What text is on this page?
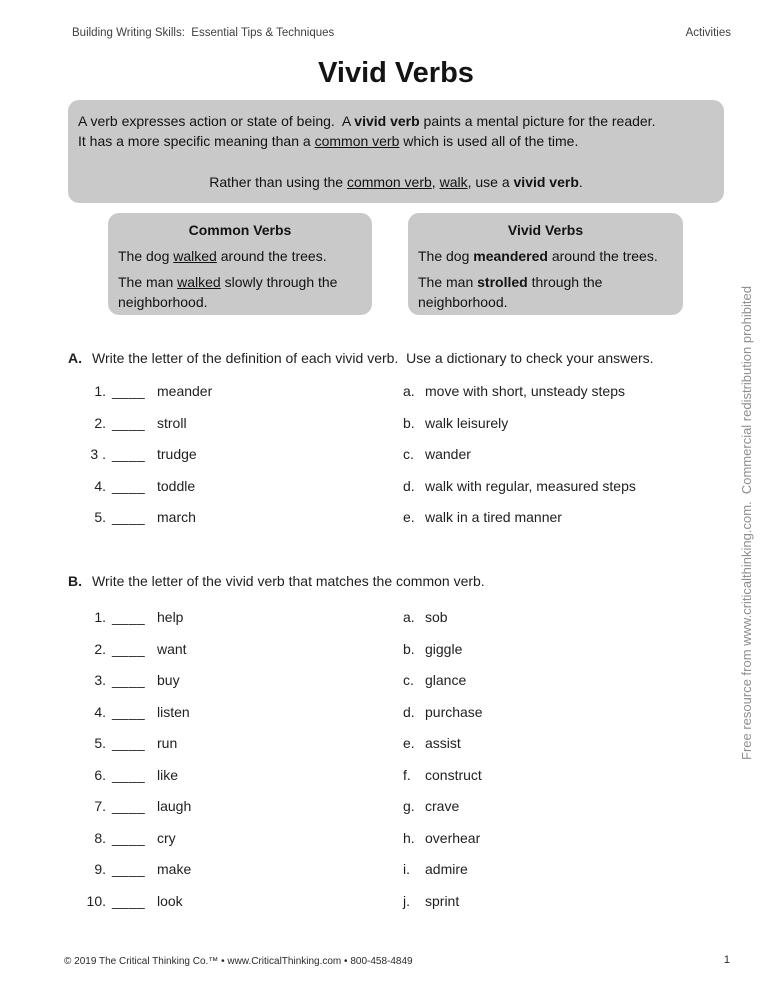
Building Writing Skills:  Essential Tips & Techniques	Activities
Vivid Verbs

A verb expresses action or state of being.  A vivid verb paints a mental picture for the reader.
It has a more specific meaning than a common verb which is used all of the time.

Rather than using the common verb, walk, use a vivid verb.

Common Verbs

The dog walked around the trees.

The man walked slowly through the neighborhood.

Vivid Verbs

The dog meandered around the trees.

The man strolled through the neighborhood.

A. Write the letter of the definition of each vivid verb.  Use a dictionary to check your answers.
1. ____ meander	a. move with short, unsteady steps
2. ____ stroll	b. walk leisurely
3 . ____ trudge	c. wander
4. ____ toddle	d. walk with regular, measured steps
5. ____ march	e. walk in a tired manner
B. Write the letter of the vivid verb that matches the common verb.
1. ____ help	a. sob
2. ____ want	b. giggle
3. ____ buy	c. glance
4. ____ listen	d. purchase
5. ____ run	e. assist
6. ____ like	f. construct
7. ____ laugh	g. crave
8. ____ cry	h. overhear
9. ____ make	i. admire
10. ____ look	j. sprint
Free resource from www.criticalthinking.com.  Commercial redistribution prohibited
© 2019 The Critical Thinking Co.™ • www.CriticalThinking.com • 800-458-4849	1
